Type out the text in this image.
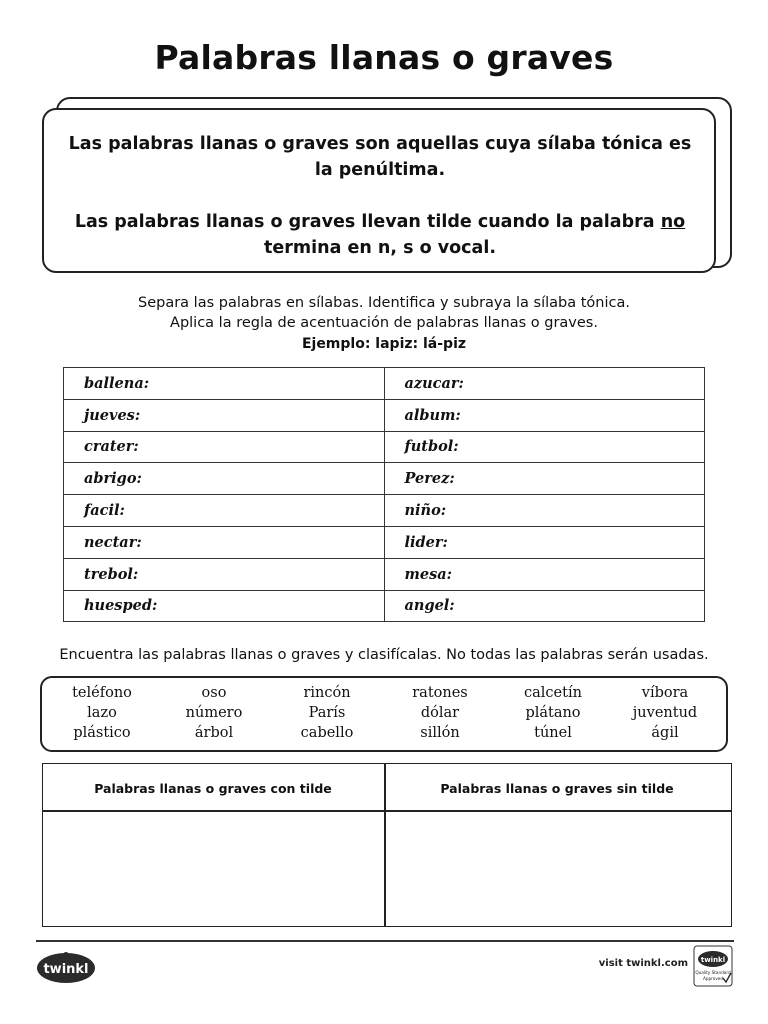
Palabras llanas o graves
Las palabras llanas o graves son aquellas cuya sílaba tónica es la penúltima.
Las palabras llanas o graves llevan tilde cuando la palabra no termina en n, s o vocal.
Separa las palabras en sílabas. Identifica y subraya la sílaba tónica.
Aplica la regla de acentuación de palabras llanas o graves.
Ejemplo: lapiz: lá-piz
ballena:	azucar:
jueves:	album:
crater:	futbol:
abrigo:	Perez:
facil:	niño:
nectar:	lider:
trebol:	mesa:
huesped:	angel:
Encuentra las palabras llanas o graves y clasifícalas. No todas las palabras serán usadas.
teléfono
lazo
plástico
oso
número
árbol
rincón
París
cabello
ratones
dólar
sillón
calcetín
plátano
túnel
víbora
juventud
ágil
Palabras llanas o graves con tilde	Palabras llanas o graves sin tilde
twinkl	visit twinkl.com twinkl
Quality Standard
Approved
